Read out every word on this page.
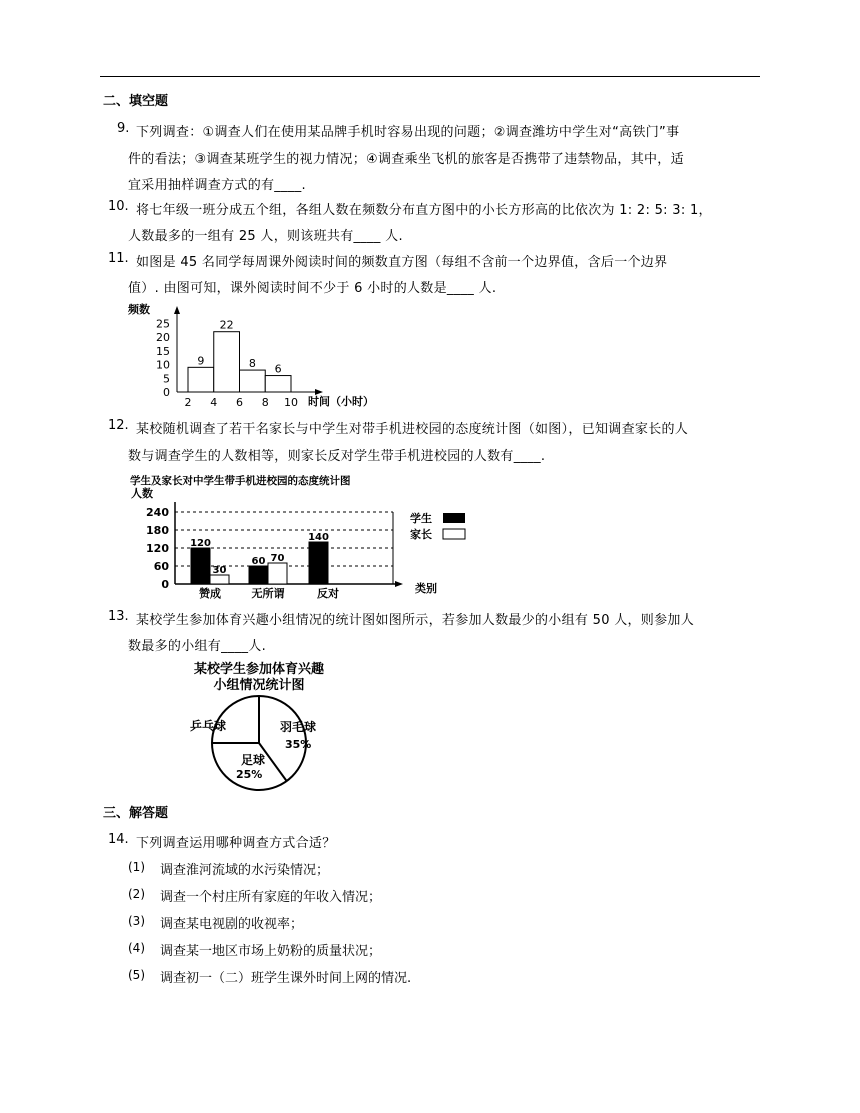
二、填空题
9. 下列调查：①调查人们在使用某品牌手机时容易出现的问题；②调查潍坊中学生对“高铁门”事
件的看法；③调查某班学生的视力情况；④调查乘坐飞机的旅客是否携带了违禁物品，其中，适
宜采用抽样调查方式的有____.
10. 将七年级一班分成五个组，各组人数在频数分布直方图中的小长方形高的比依次为 1: 2: 5: 3: 1，
人数最多的一组有 25 人，则该班共有____ 人.
11. 如图是 45 名同学每周课外阅读时间的频数直方图（每组不含前一个边界值，含后一个边界
值）. 由图可知，课外阅读时间不少于 6 小时的人数是____ 人.
频数
0
5
10
15
20
25
9
22
8 6
2 4 6 8 10 时间（小时）
12. 某校随机调查了若干名家长与中学生对带手机进校园的态度统计图（如图），已知调查家长的人
数与调查学生的人数相等，则家长反对学生带手机进校园的人数有____.
学生及家长对中学生带手机进校园的态度统计图
人数
0
60
120
180
240
120
30
60 70
140
赞成	无所谓	反对	类别
学生
家长
13. 某校学生参加体育兴趣小组情况的统计图如图所示，若参加人数最少的小组有 50 人，则参加人
数最多的小组有____人.
某校学生参加体育兴趣
小组情况统计图
乒乓球	羽毛球
35%
足球
25%
三、解答题
14. 下列调查运用哪种调查方式合适？
(1) 调查淮河流域的水污染情况；
(2) 调查一个村庄所有家庭的年收入情况；
(3) 调查某电视剧的收视率；
(4) 调查某一地区市场上奶粉的质量状况；
(5) 调查初一（二）班学生课外时间上网的情况.
